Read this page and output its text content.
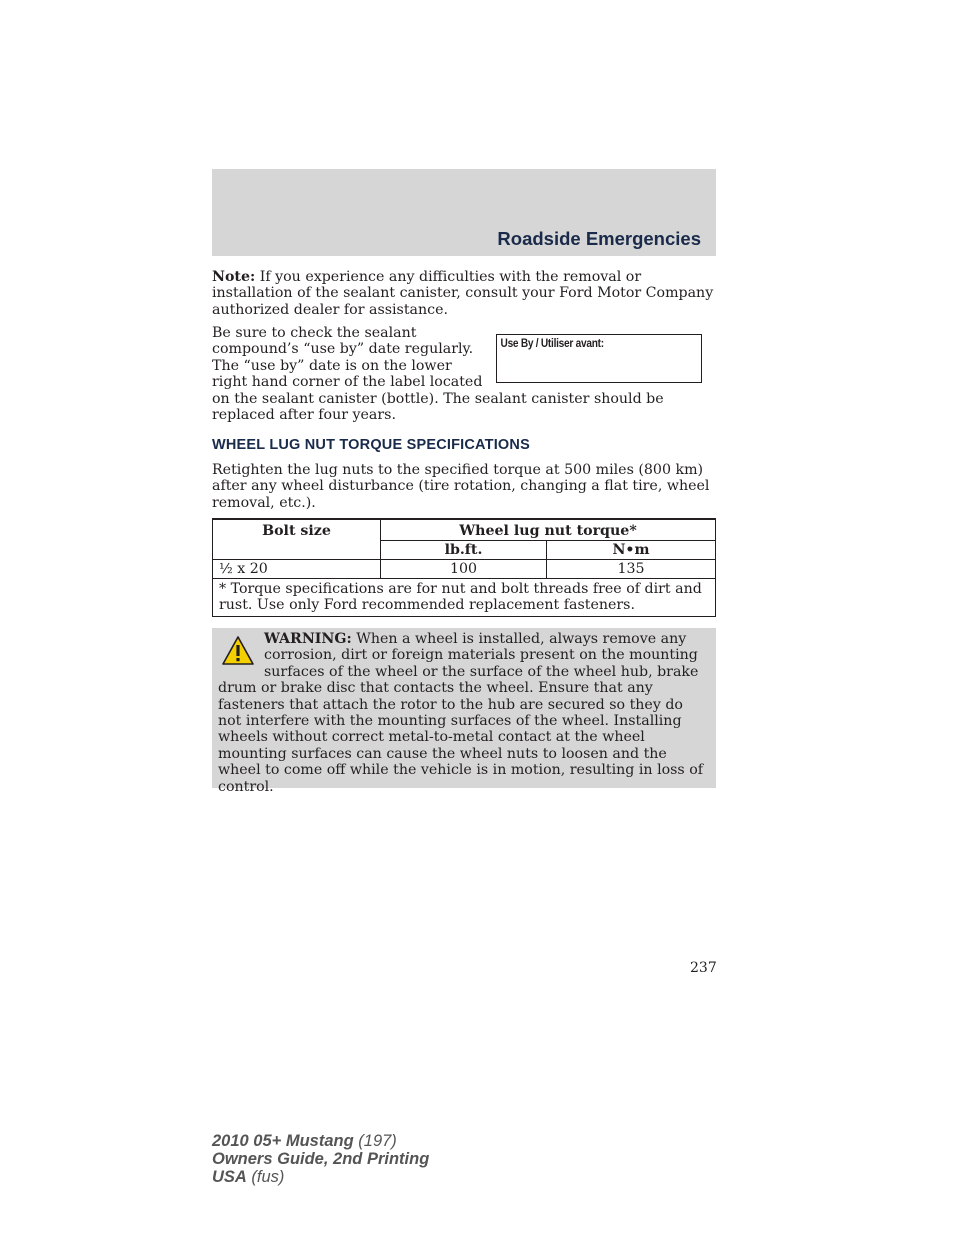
Roadside Emergencies

Note: If you experience any difficulties with the removal or installation of the sealant canister, consult your Ford Motor Company authorized dealer for assistance.

Use By / Utiliser avant:
Be sure to check the sealant compound’s “use by” date regularly. The “use by” date is on the lower right hand corner of the label located on the sealant canister (bottle). The sealant canister should be replaced after four years.
WHEEL LUG NUT TORQUE SPECIFICATIONS

Retighten the lug nuts to the specified torque at 500 miles (800 km) after any wheel disturbance (tire rotation, changing a flat tire, wheel removal, etc.).

Bolt size	Wheel lug nut torque*	
	lb.ft.	N•m
½ x 20	100	135
* Torque specifications are for nut and bolt threads free of dirt and rust. Use only Ford recommended replacement fasteners.		
WARNING: When a wheel is installed, always remove any corrosion, dirt or foreign materials present on the mounting surfaces of the wheel or the surface of the wheel hub, brake drum or brake disc that contacts the wheel. Ensure that any fasteners that attach the rotor to the hub are secured so they do not interfere with the mounting surfaces of the wheel. Installing wheels without correct metal-to-metal contact at the wheel mounting surfaces can cause the wheel nuts to loosen and the wheel to come off while the vehicle is in motion, resulting in loss of control.
237
2010 05+ Mustang (197)
Owners Guide, 2nd Printing
USA (fus)
